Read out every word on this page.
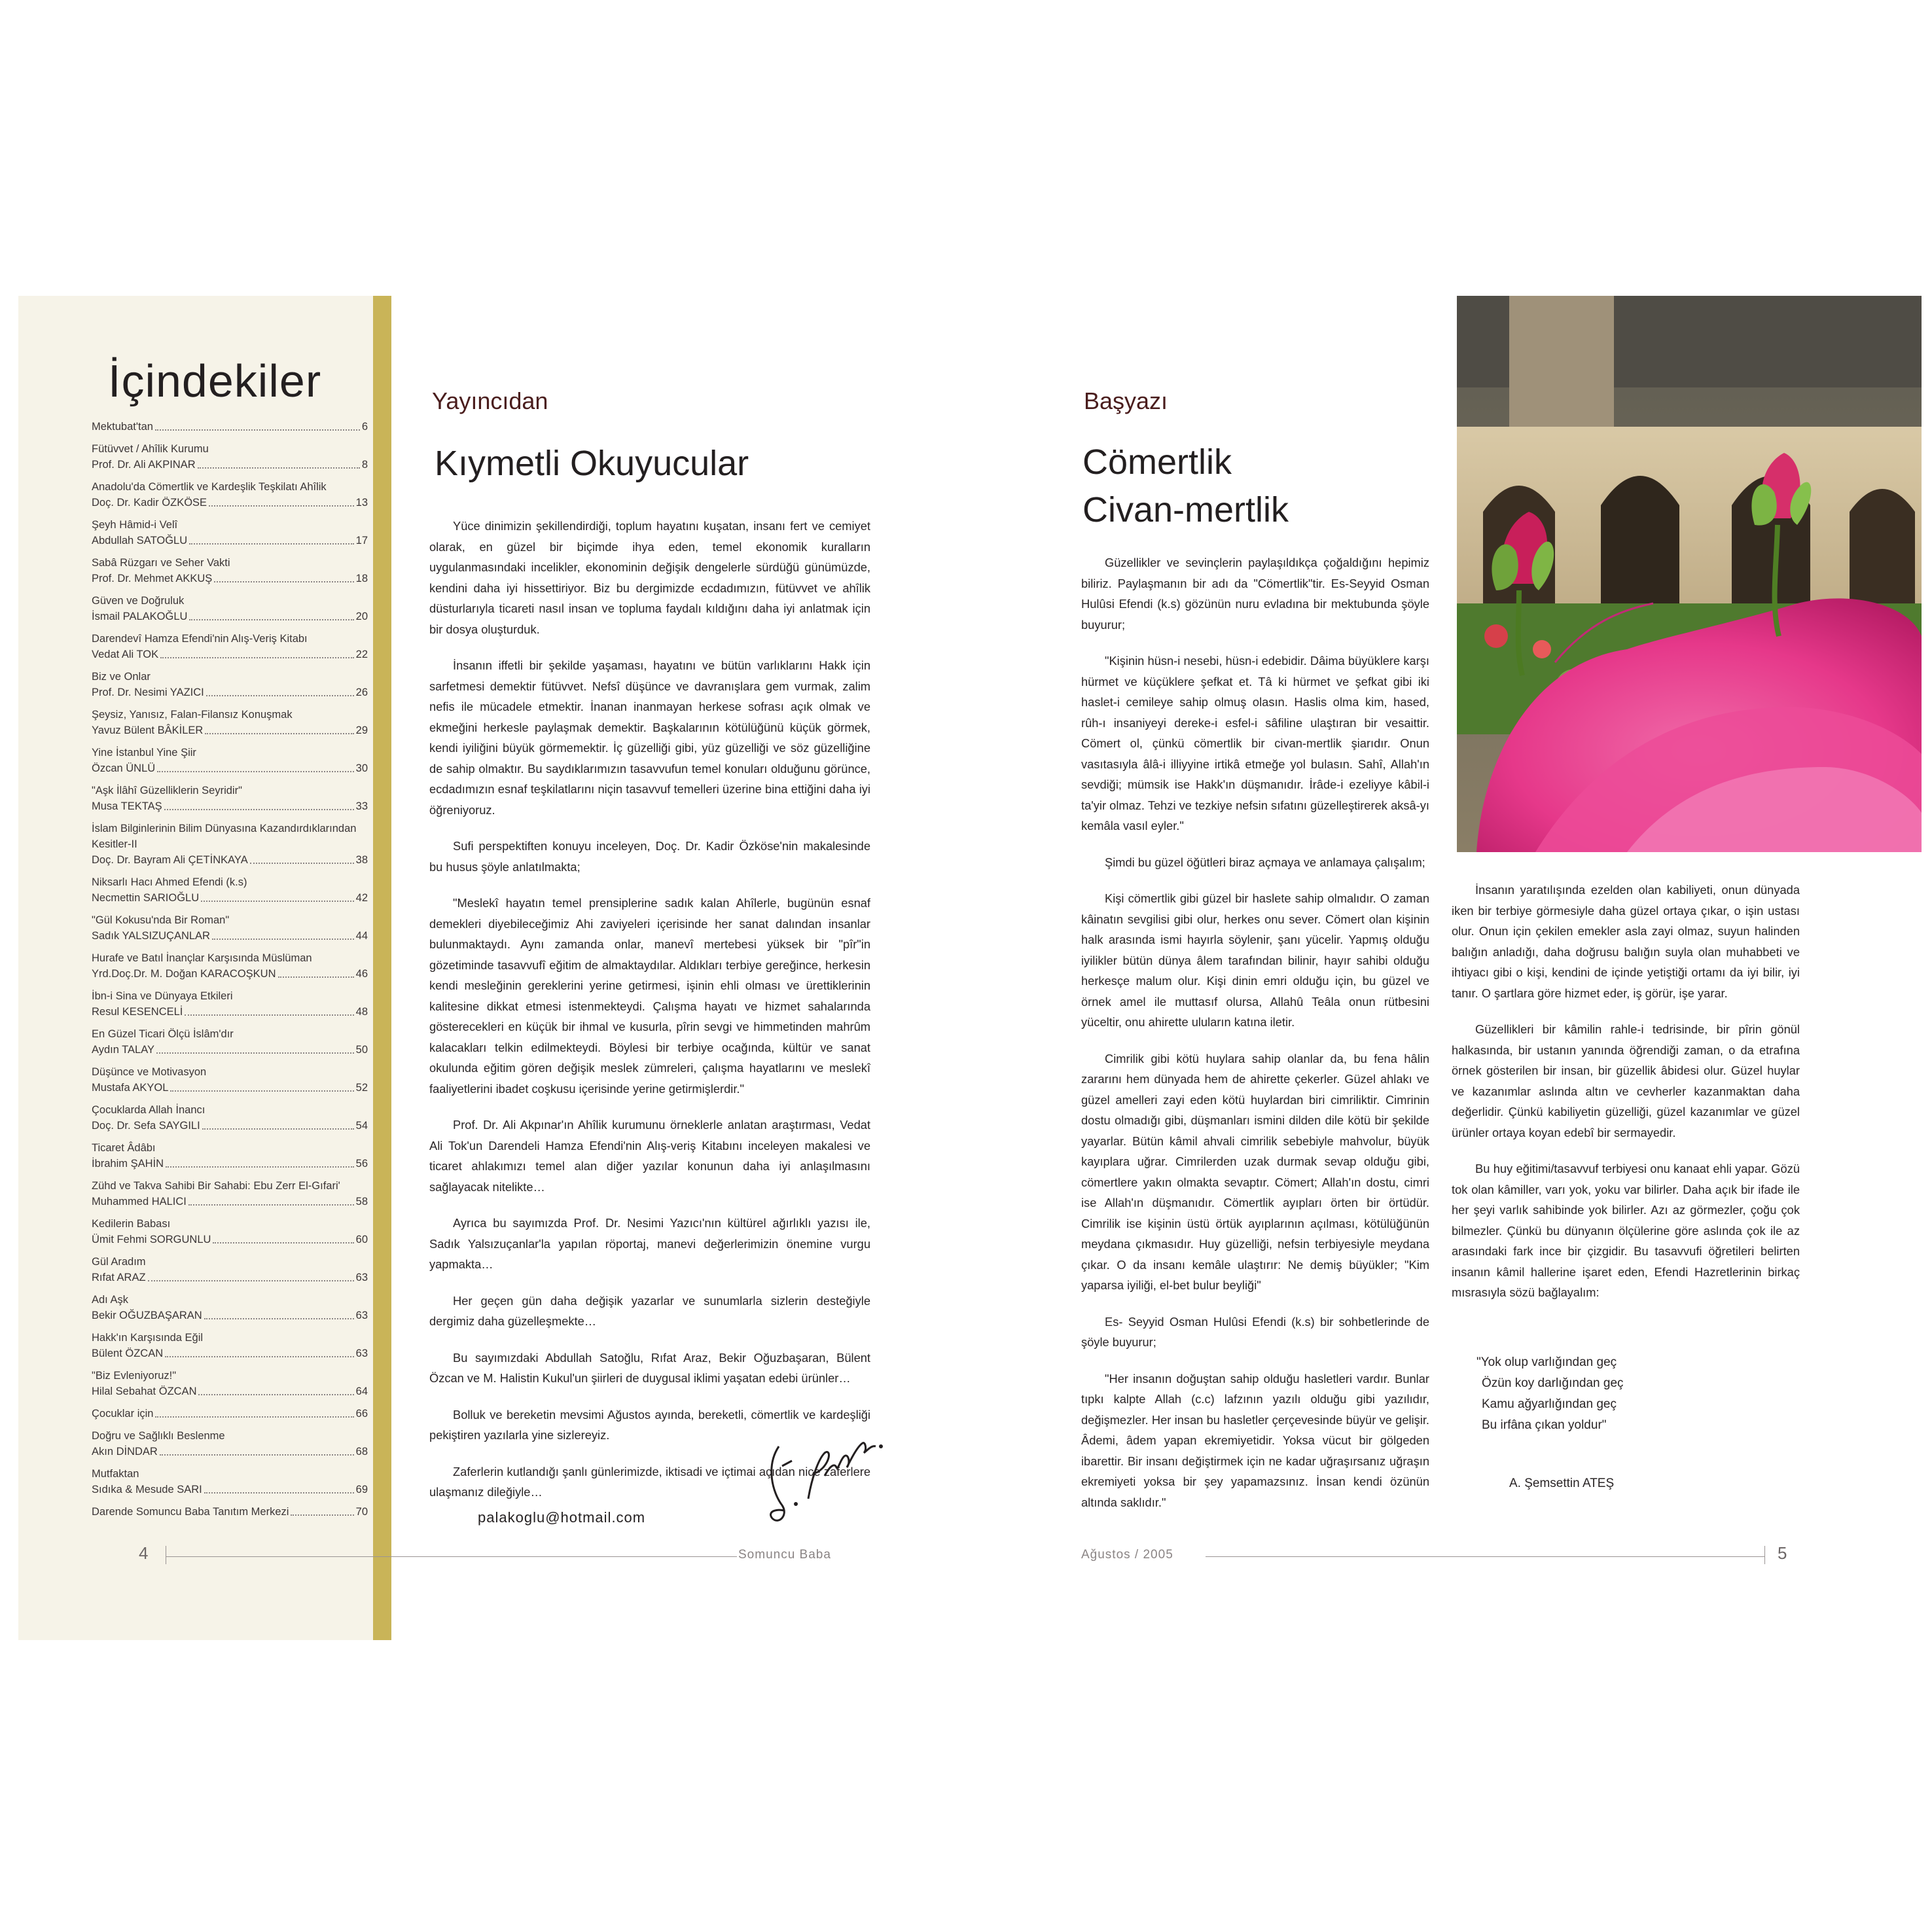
İçindekiler
Mektubat'tan	6
Fütüvvet / Ahîlik Kurumu
Prof. Dr. Ali AKPINAR	8
Anadolu'da Cömertlik ve Kardeşlik Teşkilatı Ahîlik
Doç. Dr. Kadir ÖZKÖSE	13
Şeyh Hâmid-i Velî
Abdullah SATOĞLU	17
Sabâ Rüzgarı ve Seher Vakti
Prof. Dr. Mehmet AKKUŞ	18
Güven ve Doğruluk
İsmail PALAKOĞLU	20
Darendevî Hamza Efendi'nin Alış-Veriş Kitabı
Vedat Ali TOK	22
Biz ve Onlar
Prof. Dr. Nesimi YAZICI	26
Şeysiz, Yanısız, Falan-Filansız Konuşmak
Yavuz Bülent BÂKİLER	29
Yine İstanbul Yine Şiir
Özcan ÜNLÜ	30
"Aşk İlâhî Güzelliklerin Seyridir"
Musa TEKTAŞ	33
İslam Bilginlerinin Bilim Dünyasına Kazandırdıklarından
Kesitler-II
Doç. Dr. Bayram Ali ÇETİNKAYA	38
Niksarlı Hacı Ahmed Efendi (k.s)
Necmettin SARIOĞLU	42
"Gül Kokusu'nda Bir Roman"
Sadık YALSIZUÇANLAR	44
Hurafe ve Batıl İnançlar Karşısında Müslüman
Yrd.Doç.Dr. M. Doğan KARACOŞKUN	46
İbn-i Sina ve Dünyaya Etkileri
Resul KESENCELİ	48
En Güzel Ticari Ölçü İslâm'dır
Aydın TALAY	50
Düşünce ve Motivasyon
Mustafa AKYOL	52
Çocuklarda Allah İnancı
Doç. Dr. Sefa SAYGILI	54
Ticaret Âdâbı
İbrahim ŞAHİN	56
Zühd ve Takva Sahibi Bir Sahabi: Ebu Zerr El-Gıfari'
Muhammed HALICI	58
Kedilerin Babası
Ümit Fehmi SORGUNLU	60
Gül Aradım
Rıfat ARAZ	63
Adı Aşk
Bekir OĞUZBAŞARAN	63
Hakk'ın Karşısında Eğil
Bülent ÖZCAN	63
"Biz Evleniyoruz!"
Hilal Sebahat ÖZCAN	64
Çocuklar için	66
Doğru ve Sağlıklı Beslenme
Akın DİNDAR	68
Mutfaktan
Sıdıka & Mesude SARI	69
Darende Somuncu Baba Tanıtım Merkezi	70
Yayıncıdan
Kıymetli Okuyucular

Yüce dinimizin şekillendirdiği, toplum hayatını kuşatan, insanı fert ve cemiyet olarak, en güzel bir biçimde ihya eden, temel ekonomik kuralların uygulanmasındaki incelikler, ekonominin değişik dengelerle sürdüğü günümüzde, kendini daha iyi hissettiriyor. Biz bu dergimizde ecdadımızın, fütüvvet ve ahîlik düsturlarıyla ticareti nasıl insan ve topluma faydalı kıldığını daha iyi anlatmak için bir dosya oluşturduk.

İnsanın iffetli bir şekilde yaşaması, hayatını ve bütün varlıklarını Hakk için sarfetmesi demektir fütüvvet. Nefsî düşünce ve davranışlara gem vurmak, zalim nefis ile mücadele etmektir. İnanan inanmayan herkese sofrası açık olmak ve ekmeğini herkesle paylaşmak demektir. Başkalarının kötülüğünü küçük görmek, kendi iyiliğini büyük görmemektir. İç güzelliği gibi, yüz güzelliği ve söz güzelliğine de sahip olmaktır. Bu saydıklarımızın tasavvufun temel konuları olduğunu görünce, ecdadımızın esnaf teşkilatlarını niçin tasavvuf temelleri üzerine bina ettiğini daha iyi öğreniyoruz.

Sufi perspektiften konuyu inceleyen, Doç. Dr. Kadir Özköse'nin makalesinde bu husus şöyle anlatılmakta;

"Meslekî hayatın temel prensiplerine sadık kalan Ahîlerle, bugünün esnaf demekleri diyebileceğimiz Ahi zaviyeleri içerisinde her sanat dalından insanlar bulunmaktaydı. Aynı zamanda onlar, manevî mertebesi yüksek bir "pîr"in gözetiminde tasavvufî eğitim de almaktaydılar. Aldıkları terbiye gereğince, herkesin kendi mesleğinin gereklerini yerine getirmesi, işinin ehli olması ve ürettiklerinin kalitesine dikkat etmesi istenmekteydi. Çalışma hayatı ve hizmet sahalarında gösterecekleri en küçük bir ihmal ve kusurla, pîrin sevgi ve himmetinden mahrûm kalacakları telkin edilmekteydi. Böylesi bir terbiye ocağında, kültür ve sanat okulunda eğitim gören değişik meslek zümreleri, çalışma hayatlarını ve meslekî faaliyetlerini ibadet coşkusu içerisinde yerine getirmişlerdir."

Prof. Dr. Ali Akpınar'ın Ahîlik kurumunu örneklerle anlatan araştırması, Vedat Ali Tok'un Darendeli Hamza Efendi'nin Alış-veriş Kitabını inceleyen makalesi ve ticaret ahlakımızı temel alan diğer yazılar konunun daha iyi anlaşılmasını sağlayacak nitelikte…

Ayrıca bu sayımızda Prof. Dr. Nesimi Yazıcı'nın kültürel ağırlıklı yazısı ile, Sadık Yalsızuçanlar'la yapılan röportaj, manevi değerlerimizin önemine vurgu yapmakta…

Her geçen gün daha değişik yazarlar ve sunumlarla sizlerin desteğiyle dergimiz daha güzelleşmekte…

Bu sayımızdaki Abdullah Satoğlu, Rıfat Araz, Bekir Oğuzbaşaran, Bülent Özcan ve M. Halistin Kukul'un şiirleri de duygusal iklimi yaşatan edebi ürünler…

Bolluk ve bereketin mevsimi Ağustos ayında, bereketli, cömertlik ve kardeşliği pekiştiren yazılarla yine sizlereyiz.

Zaferlerin kutlandığı şanlı günlerimizde, iktisadi ve içtimai açıdan nice zaferlere ulaşmanız dileğiyle…

palakoglu@hotmail.com
4	Somuncu Baba
Başyazı
Cömertlik
Civan-mertlik

Güzellikler ve sevinçlerin paylaşıldıkça çoğaldığını hepimiz biliriz. Paylaşmanın bir adı da "Cömertlik"tir. Es-Seyyid Osman Hulûsi Efendi (k.s) gözünün nuru evladına bir mektubunda şöyle buyurur;

"Kişinin hüsn-i nesebi, hüsn-i edebidir. Dâima büyüklere karşı hürmet ve küçüklere şefkat et. Tâ ki hürmet ve şefkat gibi iki haslet-i cemileye sahip olmuş olasın. Haslis olma kim, hased, rûh-ı insaniyeyi dereke-i esfel-i sâfiline ulaştıran bir vesaittir. Cömert ol, çünkü cömertlik bir civan-mertlik şiarıdır. Onun vasıtasıyla âlâ-i illiyyine irtikâ etmeğe yol bulasın. Sahî, Allah'ın sevdiği; mümsik ise Hakk'ın düşmanıdır. İrâde-i ezeliyye kâbil-i ta'yir olmaz. Tehzi ve tezkiye nefsin sıfatını güzelleştirerek aksâ-yı kemâla vasıl eyler."

Şimdi bu güzel öğütleri biraz açmaya ve anlamaya çalışalım;

Kişi cömertlik gibi güzel bir haslete sahip olmalıdır. O zaman kâinatın sevgilisi gibi olur, herkes onu sever. Cömert olan kişinin halk arasında ismi hayırla söylenir, şanı yücelir. Yapmış olduğu iyilikler bütün dünya âlem tarafından bilinir, hayır sahibi olduğu herkesçe malum olur. Kişi dinin emri olduğu için, bu güzel ve örnek amel ile muttasıf olursa, Allahû Teâla onun rütbesini yüceltir, onu ahirette uluların katına iletir.

Cimrilik gibi kötü huylara sahip olanlar da, bu fena hâlin zararını hem dünyada hem de ahirette çekerler. Güzel ahlakı ve güzel amelleri zayi eden kötü huylardan biri cimriliktir. Cimrinin dostu olmadığı gibi, düşmanları ismini dilden dile kötü bir şekilde yayarlar. Bütün kâmil ahvali cimrilik sebebiyle mahvolur, büyük kayıplara uğrar. Cimrilerden uzak durmak sevap olduğu gibi, cömertlere yakın olmakta sevaptır. Cömert; Allah'ın dostu, cimri ise Allah'ın düşmanıdır. Cömertlik ayıpları örten bir örtüdür. Cimrilik ise kişinin üstü örtük ayıplarının açılması, kötülüğünün meydana çıkmasıdır. Huy güzelliği, nefsin terbiyesiyle meydana çıkar. O da insanı kemâle ulaştırır: Ne demiş büyükler; "Kim yaparsa iyiliği, el-bet bulur beyliği"

Es- Seyyid Osman Hulûsi Efendi (k.s) bir sohbetlerinde de şöyle buyurur;

"Her insanın doğuştan sahip olduğu hasletleri vardır. Bunlar tıpkı kalpte Allah (c.c) lafzının yazılı olduğu gibi yazılıdır, değişmezler. Her insan bu hasletler çerçevesinde büyür ve gelişir. Âdemi, âdem yapan ekremiyetidir. Yoksa vücut bir gölgeden ibarettir. Bir insanı değiştirmek için ne kadar uğraşırsanız uğraşın ekremiyeti yoksa bir şey yapamazsınız. İnsan kendi özünün altında saklıdır."

İnsanın yaratılışında ezelden olan kabiliyeti, onun dünyada iken bir terbiye görmesiyle daha güzel ortaya çıkar, o işin ustası olur. Onun için çekilen emekler asla zayi olmaz, suyun halinden balığın anladığı, daha doğrusu balığın suyla olan muhabbeti ve ihtiyacı gibi o kişi, kendini de içinde yetiştiği ortamı da iyi bilir, iyi tanır. O şartlara göre hizmet eder, iş görür, işe yarar.

Güzellikleri bir kâmilin rahle-i tedrisinde, bir pîrin gönül halkasında, bir ustanın yanında öğrendiği zaman, o da etrafına örnek gösterilen bir insan, bir güzellik âbidesi olur. Güzel huylar ve kazanımlar aslında altın ve cevherler kazanmaktan daha değerlidir. Çünkü kabiliyetin güzelliği, güzel kazanımlar ve güzel ürünler ortaya koyan edebî bir sermayedir.

Bu huy eğitimi/tasavvuf terbiyesi onu kanaat ehli yapar. Gözü tok olan kâmiller, varı yok, yoku var bilirler. Daha açık bir ifade ile her şeyi varlık sahibinde yok bilirler. Azı az görmezler, çoğu çok bilmezler. Çünkü bu dünyanın ölçülerine göre aslında çok ile az arasındaki fark ince bir çizgidir. Bu tasavvufi öğretileri belirten insanın kâmil hallerine işaret eden, Efendi Hazretlerinin birkaç mısrasıyla sözü bağlayalım:

"Yok olup varlığından geç
Özün koy darlığından geç
Kamu ağyarlığından geç
Bu irfâna çıkan yoldur"
A. Şemsettin ATEŞ
Ağustos / 2005	5
